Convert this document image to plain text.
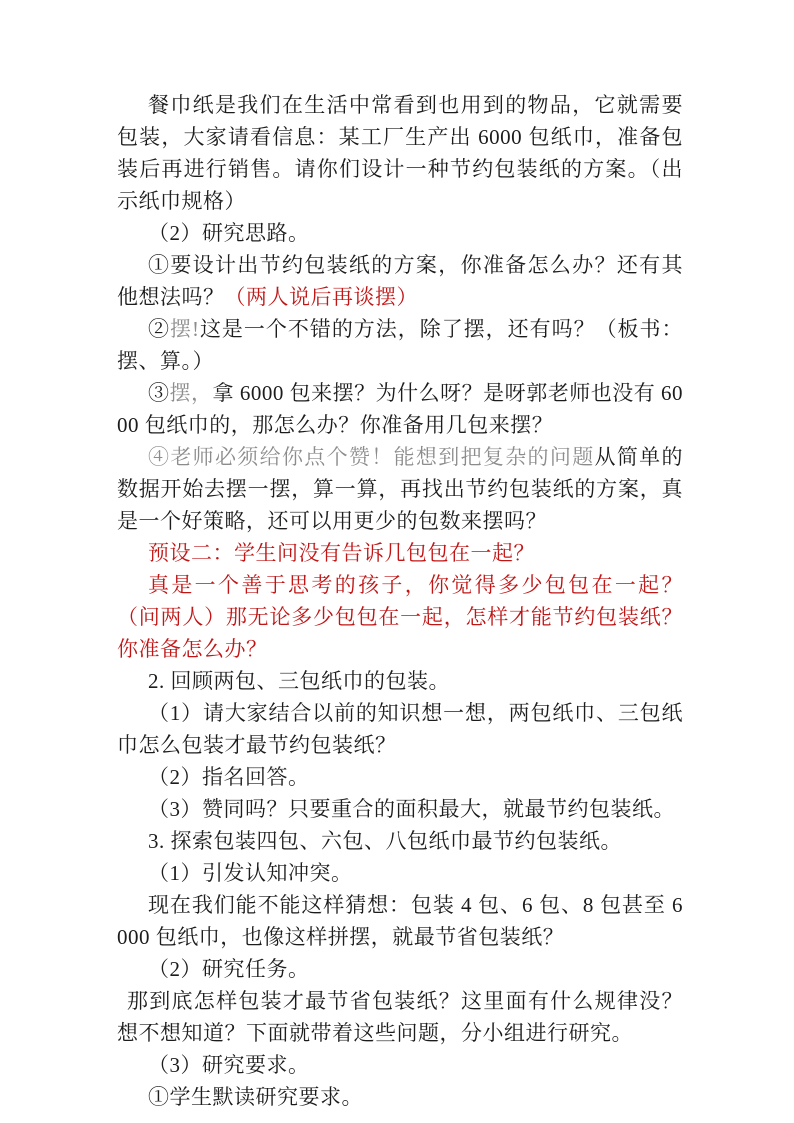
餐巾纸是我们在生活中常看到也用到的物品，它就需要包装，大家请看信息：某工厂生产出 6000 包纸巾，准备包装后再进行销售。请你们设计一种节约包装纸的方案。（出示纸巾规格）

（2）研究思路。

①要设计出节约包装纸的方案，你准备怎么办？还有其他想法吗？（两人说后再谈摆）

②摆!这是一个不错的方法，除了摆，还有吗？（板书：摆、算。）

③摆，拿 6000 包来摆？为什么呀？是呀郭老师也没有 6000 包纸巾的，那怎么办？你准备用几包来摆？

④老师必须给你点个赞！能想到把复杂的问题从简单的数据开始去摆一摆，算一算，再找出节约包装纸的方案，真是一个好策略，还可以用更少的包数来摆吗？

预设二：学生问没有告诉几包包在一起？

真是一个善于思考的孩子，你觉得多少包包在一起？（问两人）那无论多少包包在一起，怎样才能节约包装纸？你准备怎么办？

2. 回顾两包、三包纸巾的包装。

（1）请大家结合以前的知识想一想，两包纸巾、三包纸巾怎么包装才最节约包装纸？

（2）指名回答。

（3）赞同吗？只要重合的面积最大，就最节约包装纸。

3. 探索包装四包、六包、八包纸巾最节约包装纸。

（1）引发认知冲突。

现在我们能不能这样猜想：包装 4 包、6 包、8 包甚至 6000 包纸巾，也像这样拼摆，就最节省包装纸？

（2）研究任务。

那到底怎样包装才最节省包装纸？这里面有什么规律没？想不想知道？下面就带着这些问题，分小组进行研究。

（3）研究要求。

①学生默读研究要求。
